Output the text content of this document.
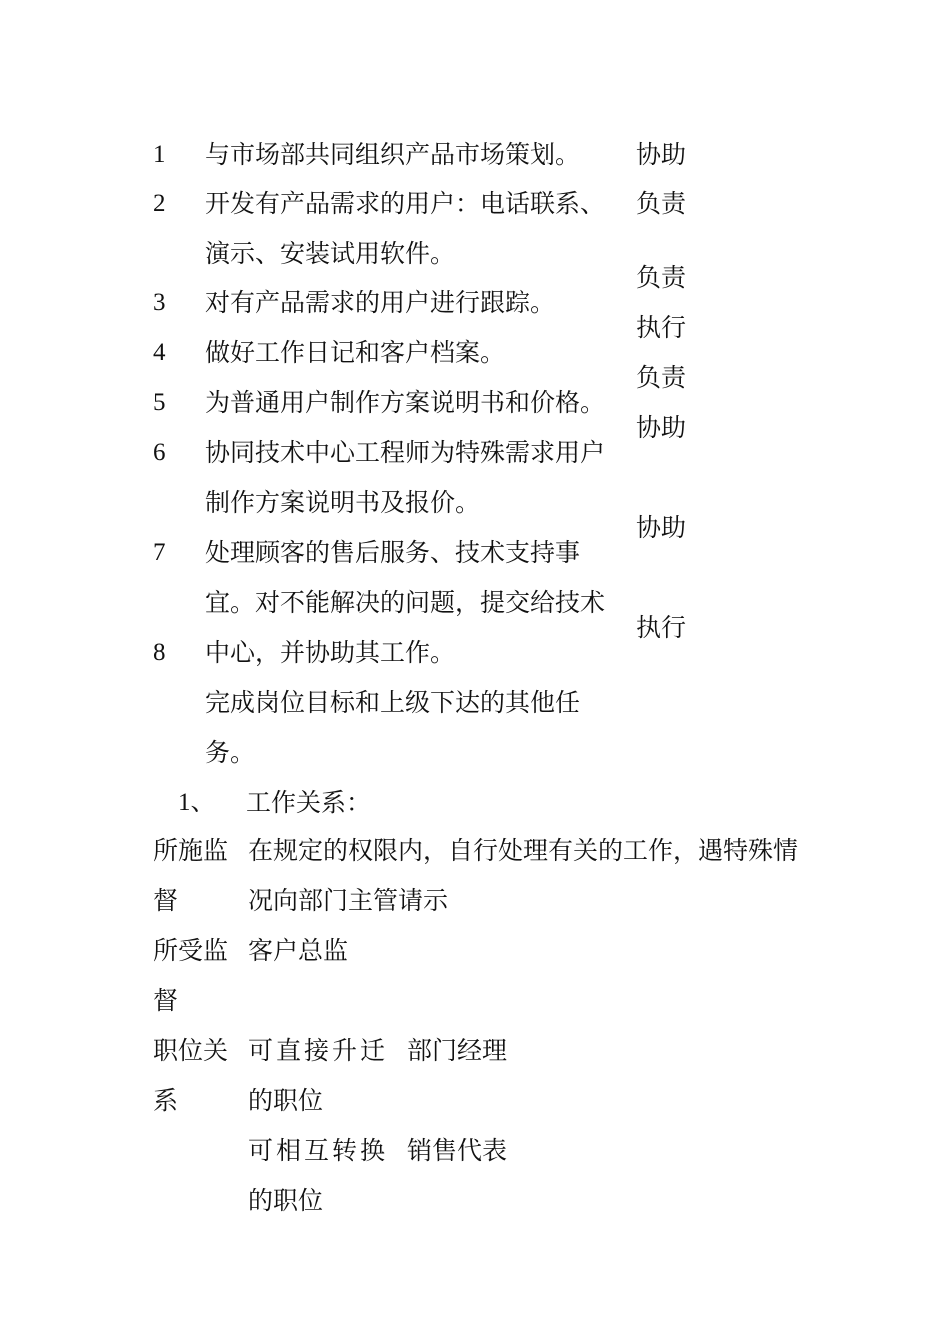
1
2
3
4
5
6
7
8
与市场部共同组织产品市场策划。
开发有产品需求的用户：电话联系、
演示、安装试用软件。
对有产品需求的用户进行跟踪。
做好工作日记和客户档案。
为普通用户制作方案说明书和价格。
协同技术中心工程师为特殊需求用户
制作方案说明书及报价。
处理顾客的售后服务、技术支持事
宜。对不能解决的问题，提交给技术
中心，并协助其工作。
完成岗位目标和上级下达的其他任
务。
协助
负责
负责
执行
负责
协助
协助
执行
1、 工作关系：
所施监
督
在规定的权限内，自行处理有关的工作，遇特殊情
况向部门主管请示
所受监
督
客户总监
职位关
系
可直接升迁
的职位
部门经理
可相互转换
的职位
销售代表
